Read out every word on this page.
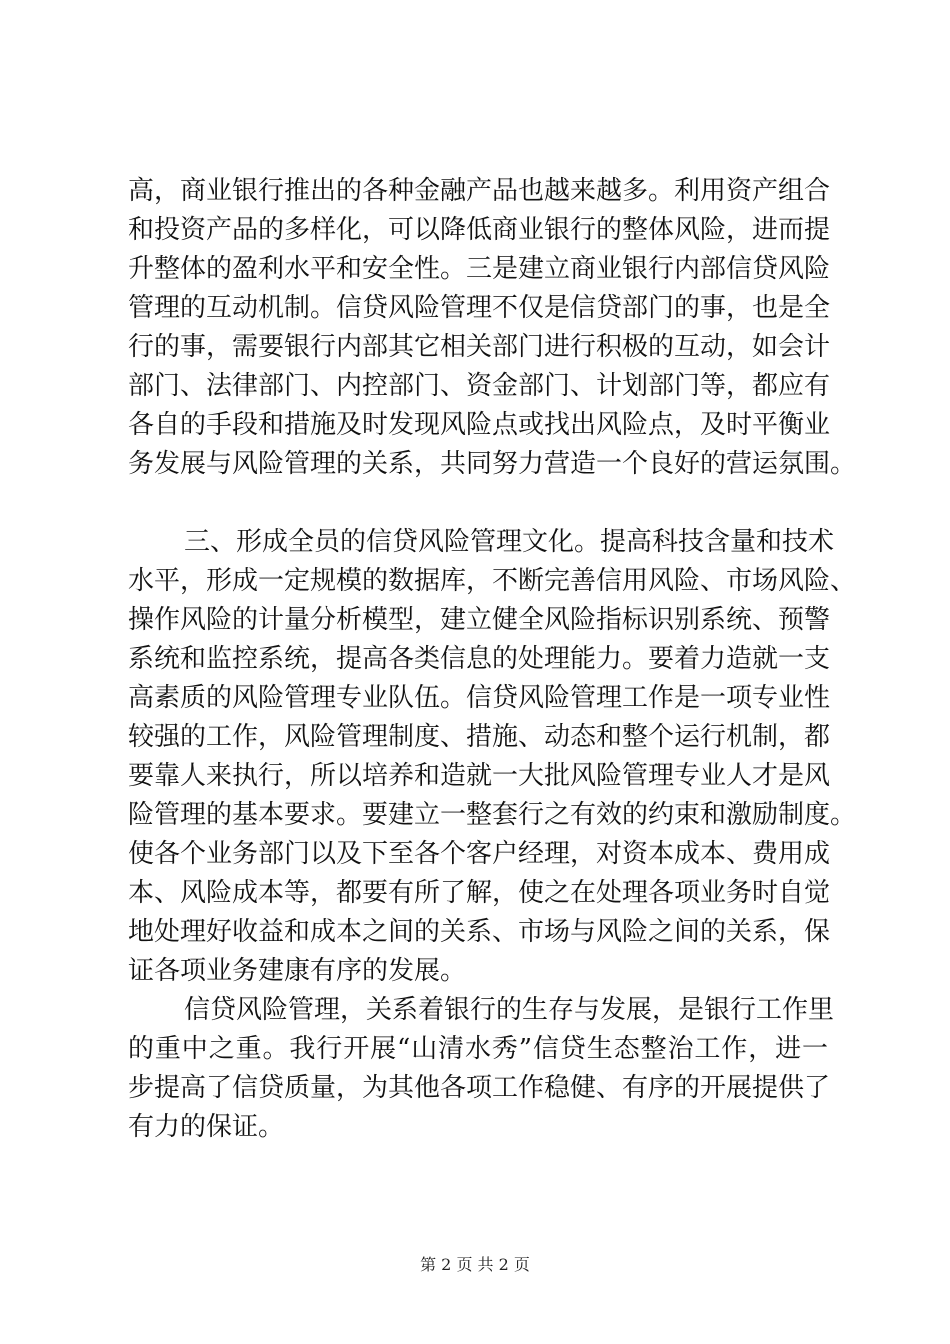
高，商业银行推出的各种金融产品也越来越多。利用资产组合
和投资产品的多样化，可以降低商业银行的整体风险，进而提
升整体的盈利水平和安全性。三是建立商业银行内部信贷风险
管理的互动机制。信贷风险管理不仅是信贷部门的事，也是全
行的事，需要银行内部其它相关部门进行积极的互动，如会计
部门、法律部门、内控部门、资金部门、计划部门等，都应有
各自的手段和措施及时发现风险点或找出风险点，及时平衡业
务发展与风险管理的关系，共同努力营造一个良好的营运氛围。
三、形成全员的信贷风险管理文化。提高科技含量和技术
水平，形成一定规模的数据库，不断完善信用风险、市场风险、
操作风险的计量分析模型，建立健全风险指标识别系统、预警
系统和监控系统，提高各类信息的处理能力。要着力造就一支
高素质的风险管理专业队伍。信贷风险管理工作是一项专业性
较强的工作，风险管理制度、措施、动态和整个运行机制，都
要靠人来执行，所以培养和造就一大批风险管理专业人才是风
险管理的基本要求。要建立一整套行之有效的约束和激励制度。
使各个业务部门以及下至各个客户经理，对资本成本、费用成
本、风险成本等，都要有所了解，使之在处理各项业务时自觉
地处理好收益和成本之间的关系、市场与风险之间的关系，保
证各项业务建康有序的发展。
信贷风险管理，关系着银行的生存与发展，是银行工作里
的重中之重。我行开展“山清水秀”信贷生态整治工作，进一
步提高了信贷质量，为其他各项工作稳健、有序的开展提供了
有力的保证。
第 2 页 共 2 页
